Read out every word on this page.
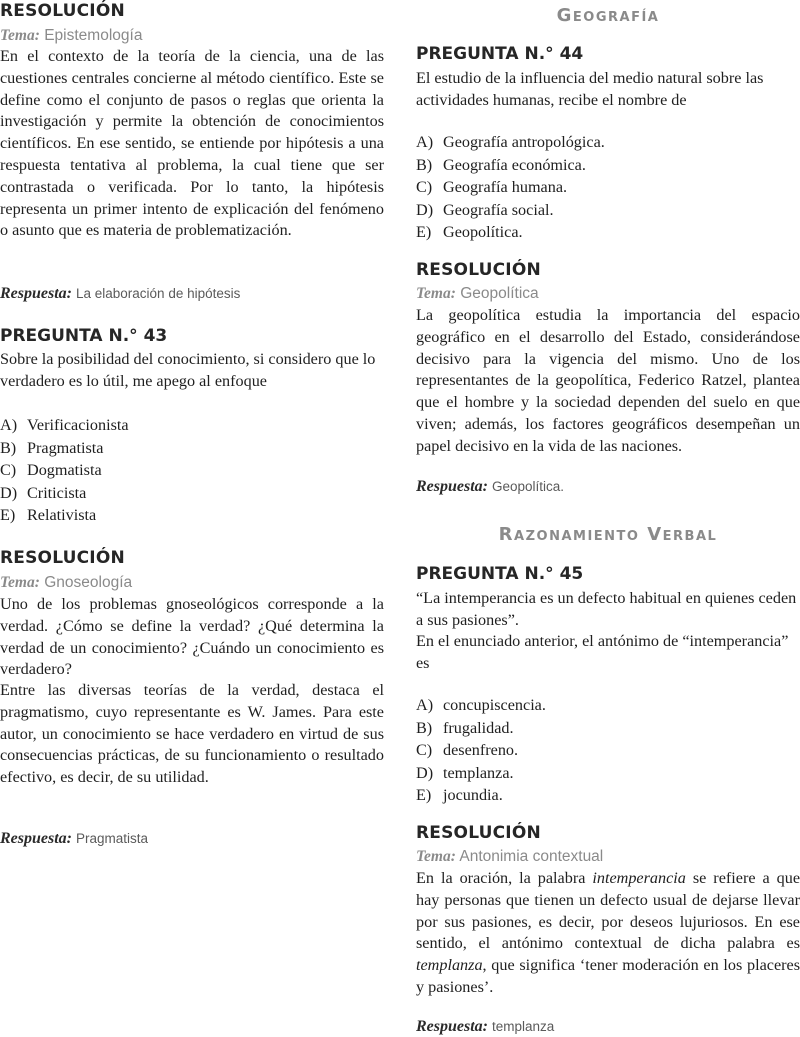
RESOLUCIÓN

Tema: Epistemología

En el contexto de la teoría de la ciencia, una de las cuestiones centrales concierne al método científico. Este se define como el conjunto de pasos o reglas que orienta la investigación y permite la obtención de conocimientos científicos. En ese sentido, se entiende por hipótesis a una respuesta tentativa al problema, la cual tiene que ser contrastada o verificada. Por lo tanto, la hipótesis representa un primer intento de explicación del fenómeno o asunto que es materia de problematización.

Respuesta: La elaboración de hipótesis

PREGUNTA N.° 43

Sobre la posibilidad del conocimiento, si considero que lo verdadero es lo útil, me apego al enfoque

A) Verificacionista
B) Pragmatista
C) Dogmatista
D) Criticista
E) Relativista
RESOLUCIÓN

Tema: Gnoseología

Uno de los problemas gnoseológicos corresponde a la verdad. ¿Cómo se define la verdad? ¿Qué determina la verdad de un conocimiento? ¿Cuándo un conocimiento es verdadero?

Entre las diversas teorías de la verdad, destaca el pragmatismo, cuyo representante es W. James. Para este autor, un conocimiento se hace verdadero en virtud de sus consecuencias prácticas, de su funcionamiento o resultado efectivo, es decir, de su utilidad.

Respuesta: Pragmatista

Geografía
PREGUNTA N.° 44

El estudio de la influencia del medio natural sobre las actividades humanas, recibe el nombre de

A) Geografía antropológica.
B) Geografía económica.
C) Geografía humana.
D) Geografía social.
E) Geopolítica.
RESOLUCIÓN

Tema: Geopolítica

La geopolítica estudia la importancia del espacio geográfico en el desarrollo del Estado, considerándose decisivo para la vigencia del mismo. Uno de los representantes de la geopolítica, Federico Ratzel, plantea que el hombre y la sociedad dependen del suelo en que viven; además, los factores geográficos desempeñan un papel decisivo en la vida de las naciones.

Respuesta: Geopolítica.

Razonamiento Verbal
PREGUNTA N.° 45

“La intemperancia es un defecto habitual en quienes ceden a sus pasiones”.

En el enunciado anterior, el antónimo de “intemperancia” es

A) concupiscencia.
B) frugalidad.
C) desenfreno.
D) templanza.
E) jocundia.
RESOLUCIÓN

Tema: Antonimia contextual

En la oración, la palabra intemperancia se refiere a que hay personas que tienen un defecto usual de dejarse llevar por sus pasiones, es decir, por deseos lujuriosos. En ese sentido, el antónimo contextual de dicha palabra es templanza, que significa ‘tener moderación en los placeres y pasiones’.

Respuesta: templanza
